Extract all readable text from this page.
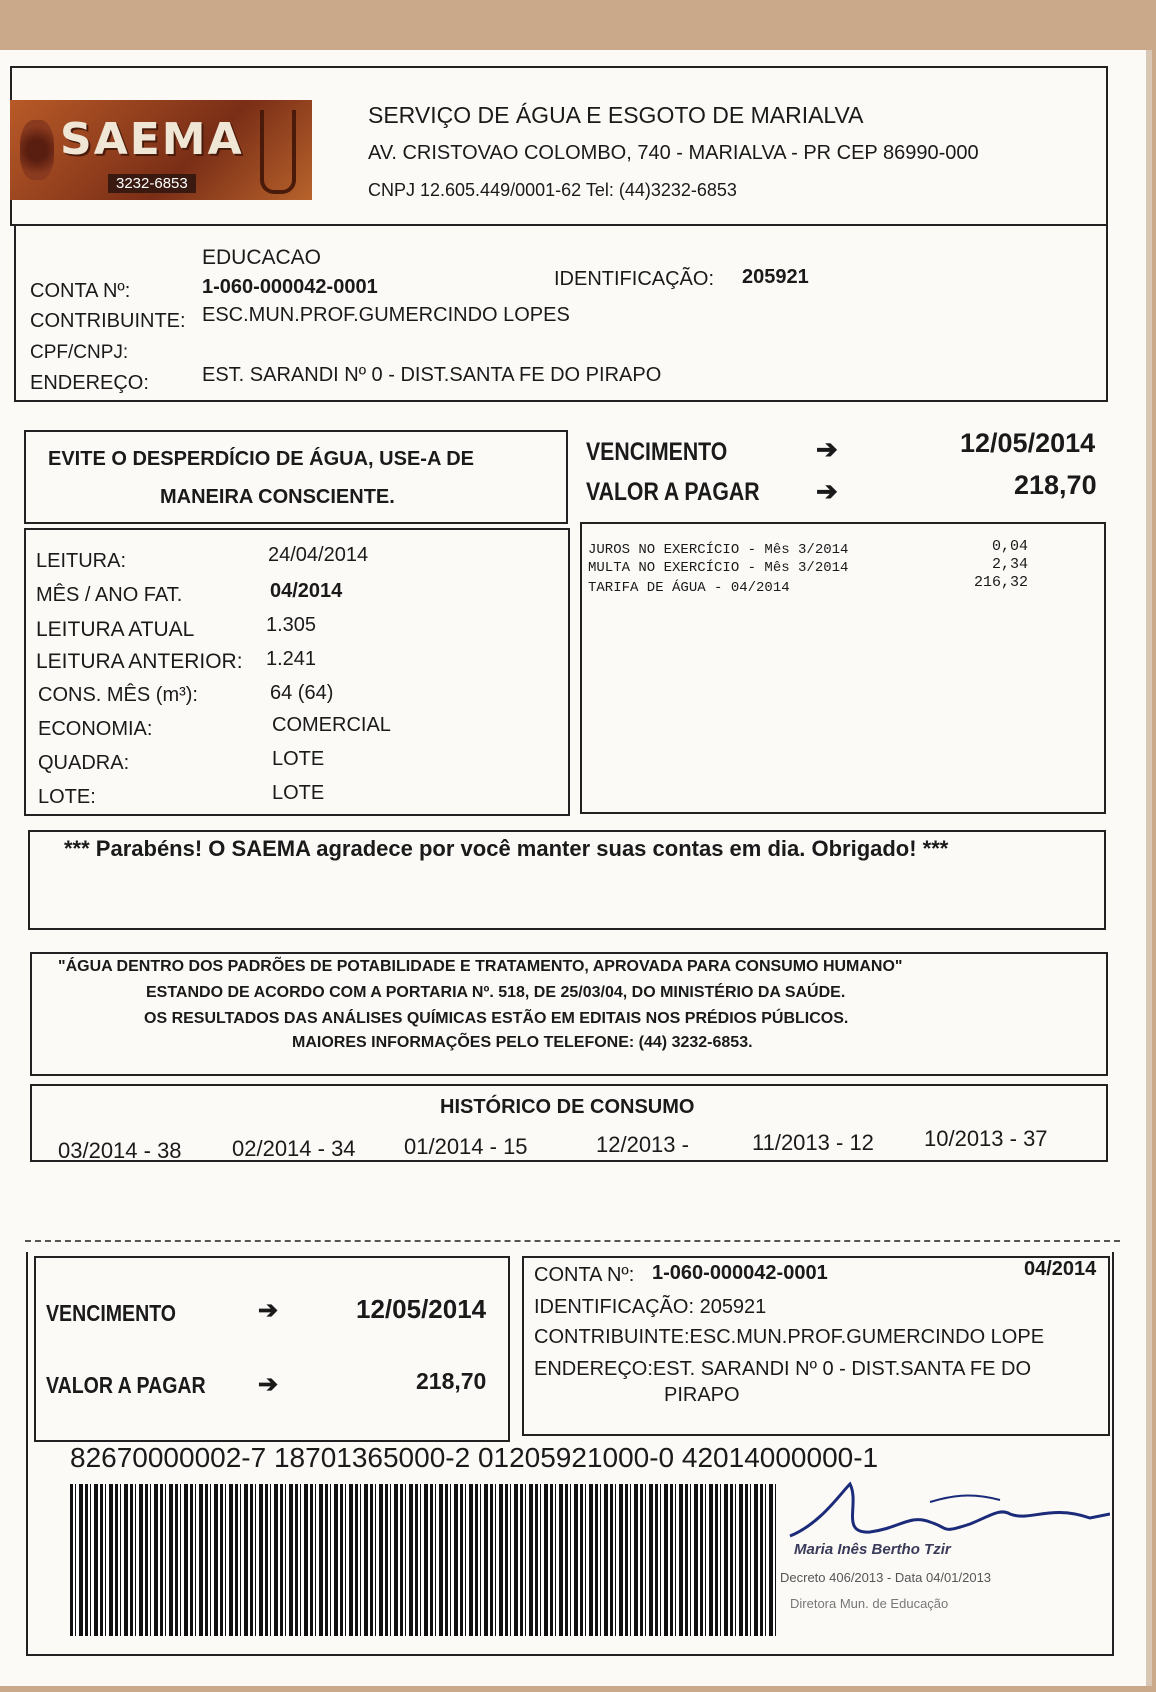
SAEMA
3232-6853
SERVIÇO DE ÁGUA E ESGOTO DE MARIALVA
AV. CRISTOVAO COLOMBO, 740 - MARIALVA - PR CEP 86990-000
CNPJ 12.605.449/0001-62 Tel: (44)3232-6853
EDUCACAO
CONTA Nº:	1-060-000042-0001	IDENTIFICAÇÃO: 205921
CONTRIBUINTE: ESC.MUN.PROF.GUMERCINDO LOPES
CPF/CNPJ:
ENDEREÇO:	EST. SARANDI Nº 0 - DIST.SANTA FE DO PIRAPO
EVITE O DESPERDÍCIO DE ÁGUA, USE-A DE
MANEIRA CONSCIENTE.
VENCIMENTO	➔	12/05/2014
VALOR A PAGAR ➔	218,70
LEITURA:	24/04/2014
MÊS / ANO FAT.	04/2014
LEITURA ATUAL	1.305
LEITURA ANTERIOR: 1.241
CONS. MÊS (m³):	64 (64)
ECONOMIA:	COMERCIAL
QUADRA:	LOTE
LOTE:	LOTE
JUROS NO EXERCÍCIO - Mês 3/2014	0,04
MULTA NO EXERCÍCIO - Mês 3/2014	2,34
TARIFA DE ÁGUA - 04/2014	216,32
*** Parabéns! O SAEMA agradece por você manter suas contas em dia. Obrigado! ***
"ÁGUA DENTRO DOS PADRÕES DE POTABILIDADE E TRATAMENTO, APROVADA PARA CONSUMO HUMANO"
ESTANDO DE ACORDO COM A PORTARIA Nº. 518, DE 25/03/04, DO MINISTÉRIO DA SAÚDE.
OS RESULTADOS DAS ANÁLISES QUÍMICAS ESTÃO EM EDITAIS NOS PRÉDIOS PÚBLICOS.
MAIORES INFORMAÇÕES PELO TELEFONE: (44) 3232-6853.
HISTÓRICO DE CONSUMO
03/2014 - 38 02/2014 - 34 01/2014 - 15	12/2013 -	11/2013 - 12 10/2013 - 37
VENCIMENTO	➔	12/05/2014
VALOR A PAGAR ➔	218,70
CONTA Nº: 1-060-000042-0001	04/2014
IDENTIFICAÇÃO: 205921
CONTRIBUINTE:ESC.MUN.PROF.GUMERCINDO LOPE
ENDEREÇO:EST. SARANDI Nº 0 - DIST.SANTA FE DO
PIRAPO
82670000002-7 18701365000-2 01205921000-0 42014000000-1
Maria Inês Bertho Tzir
Decreto 406/2013 - Data 04/01/2013
Diretora Mun. de Educação
